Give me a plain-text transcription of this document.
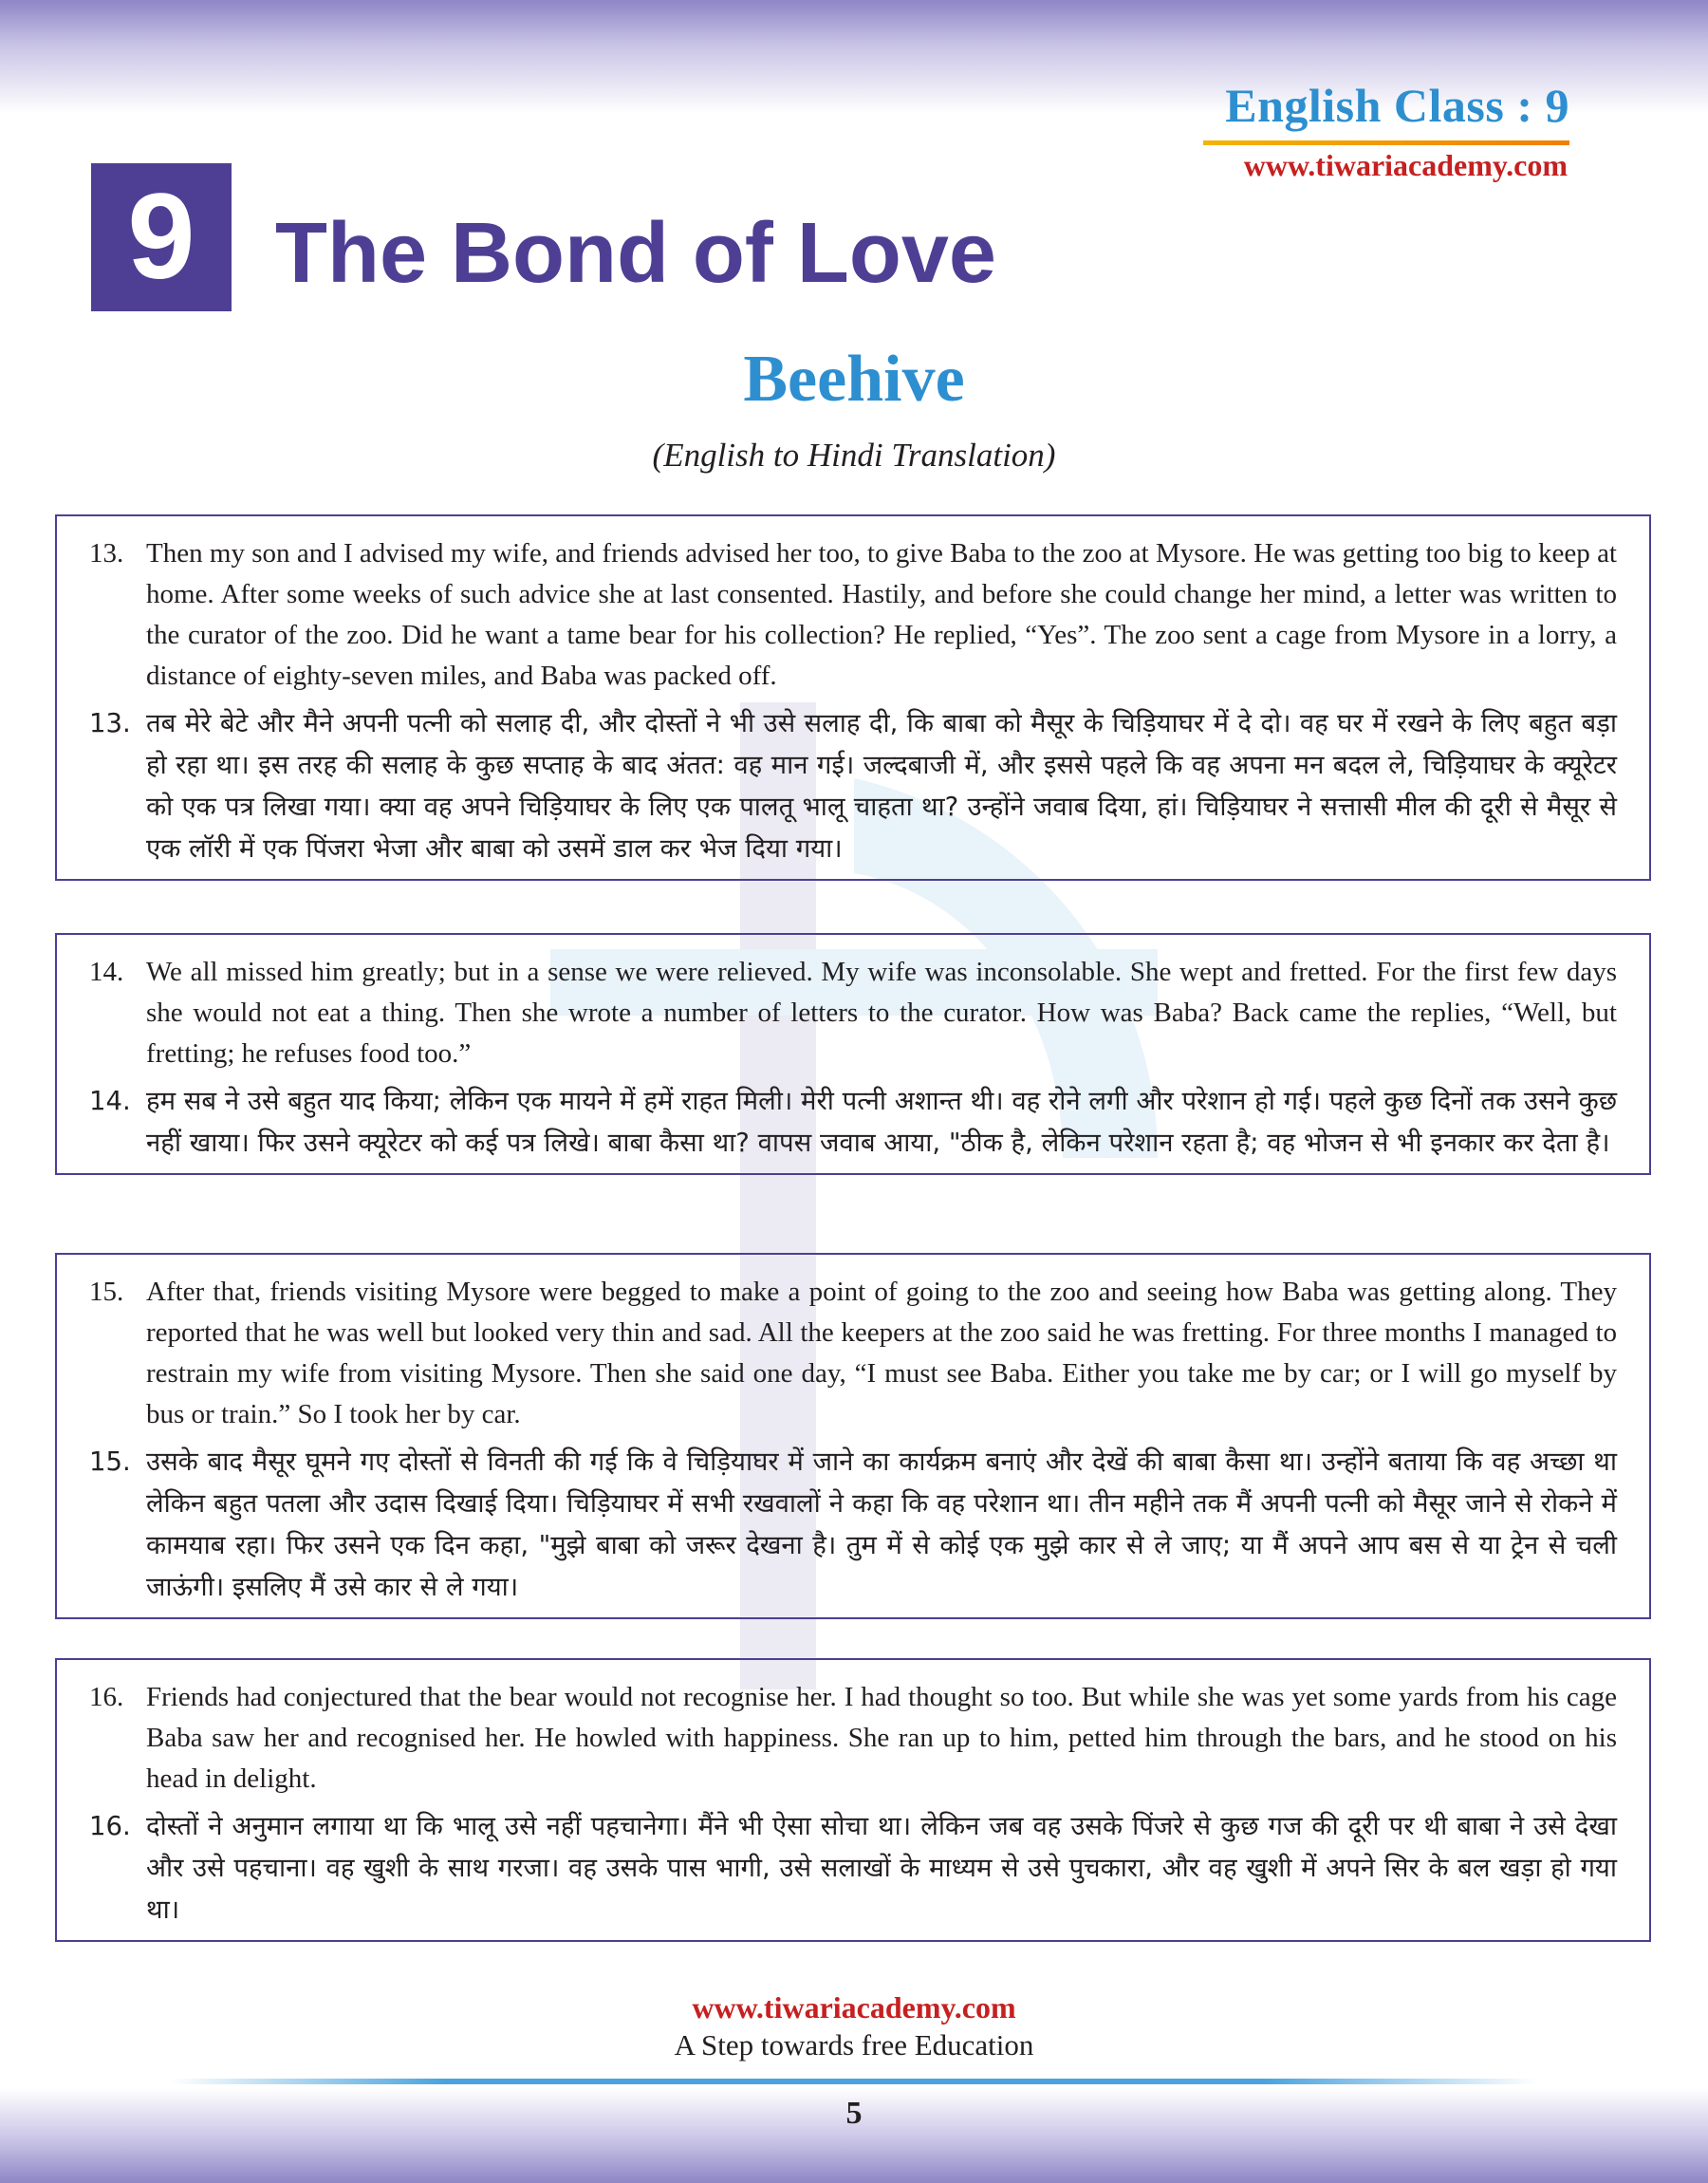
English Class : 9
www.tiwariacademy.com
9 The Bond of Love
Beehive
(English to Hindi Translation)
13. Then my son and I advised my wife, and friends advised her too, to give Baba to the zoo at Mysore. He was getting too big to keep at home. After some weeks of such advice she at last consented. Hastily, and before she could change her mind, a letter was written to the curator of the zoo. Did he want a tame bear for his collection? He replied, “Yes”. The zoo sent a cage from Mysore in a lorry, a distance of eighty-seven miles, and Baba was packed off.
13. तब मेरे बेटे और मैने अपनी पत्नी को सलाह दी, और दोस्तों ने भी उसे सलाह दी, कि बाबा को मैसूर के चिड़ियाघर में दे दो। वह घर में रखने के लिए बहुत बड़ा हो रहा था। इस तरह की सलाह के कुछ सप्ताह के बाद अंतत: वह मान गई। जल्दबाजी में, और इससे पहले कि वह अपना मन बदल ले, चिड़ियाघर के क्यूरेटर को एक पत्र लिखा गया। क्या वह अपने चिड़ियाघर के लिए एक पालतू भालू चाहता था? उन्होंने जवाब दिया, हां। चिड़ियाघर ने सत्तासी मील की दूरी से मैसूर से एक लॉरी में एक पिंजरा भेजा और बाबा को उसमें डाल कर भेज दिया गया।
14. We all missed him greatly; but in a sense we were relieved. My wife was inconsolable. She wept and fretted. For the first few days she would not eat a thing. Then she wrote a number of letters to the curator. How was Baba? Back came the replies, “Well, but fretting; he refuses food too.”
14. हम सब ने उसे बहुत याद किया; लेकिन एक मायने में हमें राहत मिली। मेरी पत्नी अशान्त थी। वह रोने लगी और परेशान हो गई। पहले कुछ दिनों तक उसने कुछ नहीं खाया। फिर उसने क्यूरेटर को कई पत्र लिखे। बाबा कैसा था? वापस जवाब आया, "ठीक है, लेकिन परेशान रहता है; वह भोजन से भी इनकार कर देता है।
15. After that, friends visiting Mysore were begged to make a point of going to the zoo and seeing how Baba was getting along. They reported that he was well but looked very thin and sad. All the keepers at the zoo said he was fretting. For three months I managed to restrain my wife from visiting Mysore. Then she said one day, “I must see Baba. Either you take me by car; or I will go myself by bus or train.” So I took her by car.
15. उसके बाद मैसूर घूमने गए दोस्तों से विनती की गई कि वे चिड़ियाघर में जाने का कार्यक्रम बनाएं और देखें की बाबा कैसा था। उन्होंने बताया कि वह अच्छा था लेकिन बहुत पतला और उदास दिखाई दिया। चिड़ियाघर में सभी रखवालों ने कहा कि वह परेशान था। तीन महीने तक मैं अपनी पत्नी को मैसूर जाने से रोकने में कामयाब रहा। फिर उसने एक दिन कहा, "मुझे बाबा को जरूर देखना है। तुम में से कोई एक मुझे कार से ले जाए; या मैं अपने आप बस से या ट्रेन से चली जाऊंगी। इसलिए मैं उसे कार से ले गया।
16. Friends had conjectured that the bear would not recognise her. I had thought so too. But while she was yet some yards from his cage Baba saw her and recognised her. He howled with happiness. She ran up to him, petted him through the bars, and he stood on his head in delight.
16. दोस्तों ने अनुमान लगाया था कि भालू उसे नहीं पहचानेगा। मैंने भी ऐसा सोचा था। लेकिन जब वह उसके पिंजरे से कुछ गज की दूरी पर थी बाबा ने उसे देखा और उसे पहचाना। वह खुशी के साथ गरजा। वह उसके पास भागी, उसे सलाखों के माध्यम से उसे पुचकारा, और वह खुशी में अपने सिर के बल खड़ा हो गया था।
www.tiwariacademy.com
A Step towards free Education
5
